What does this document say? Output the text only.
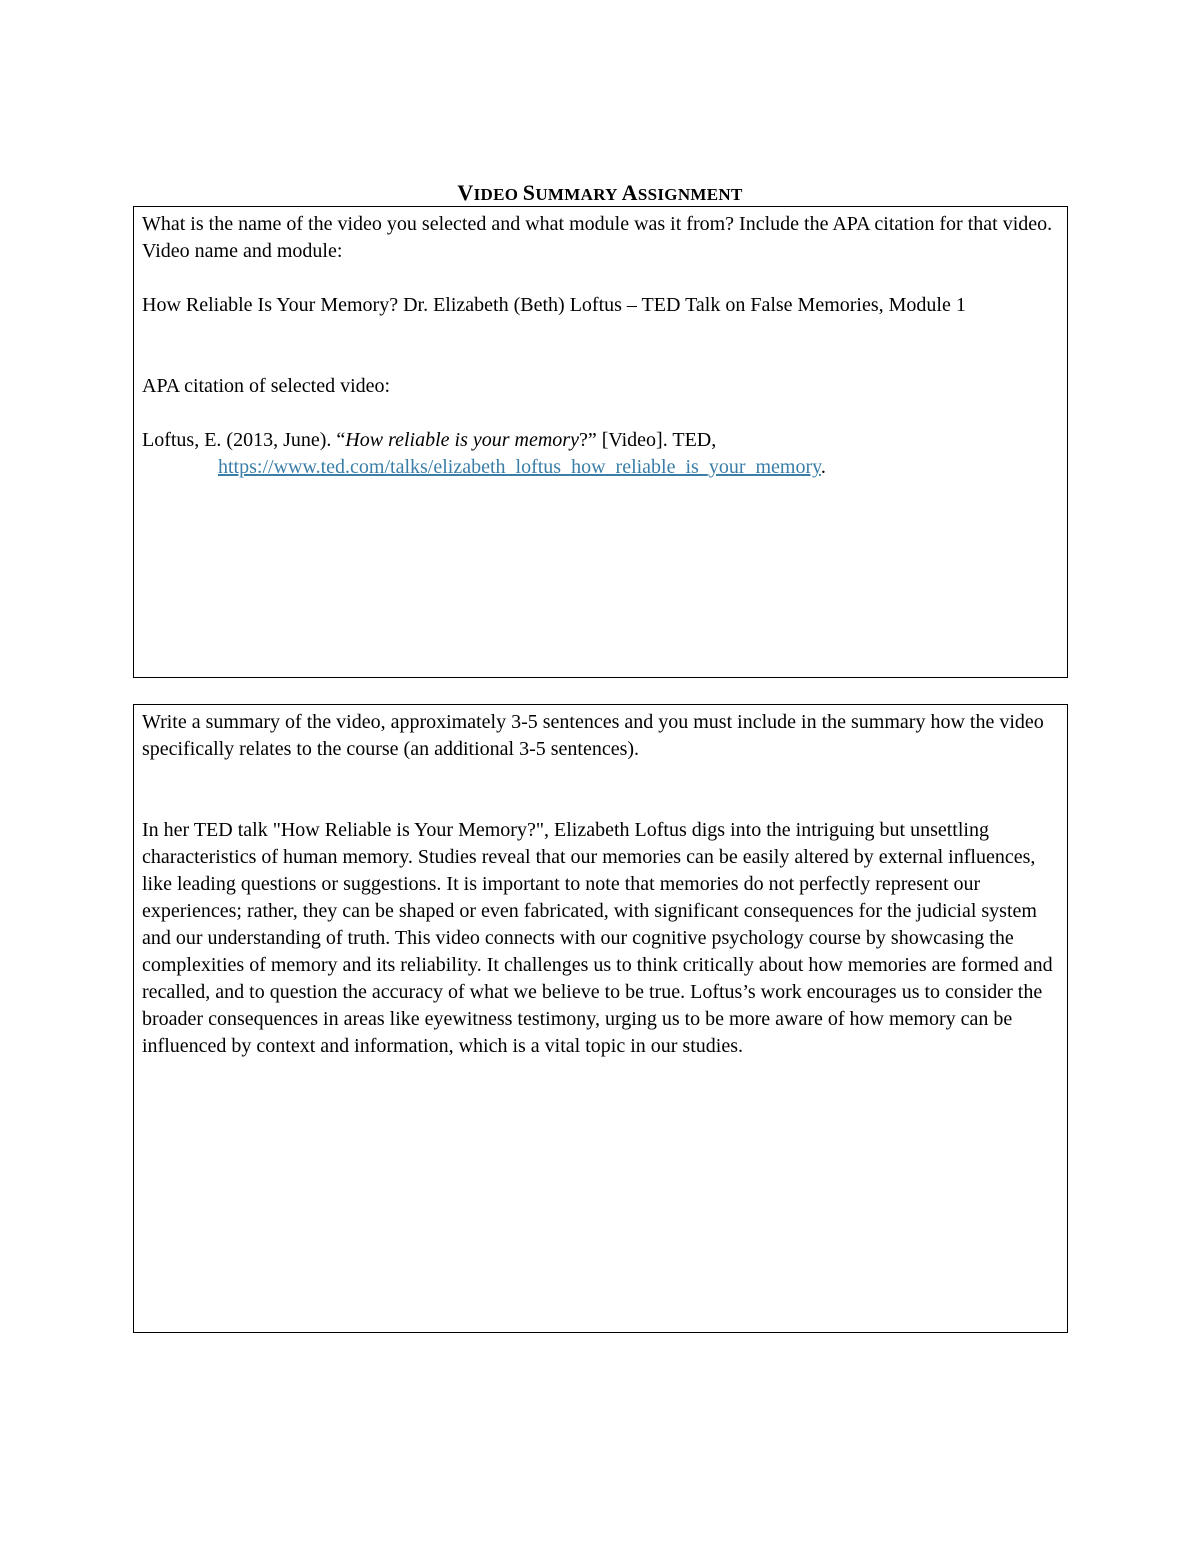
VIDEO SUMMARY ASSIGNMENT

What is the name of the video you selected and what module was it from? Include the APA citation for that video.

Video name and module:

How Reliable Is Your Memory? Dr. Elizabeth (Beth) Loftus – TED Talk on False Memories, Module 1

APA citation of selected video:

Loftus, E. (2013, June). “How reliable is your memory?” [Video]. TED,

https://www.ted.com/talks/elizabeth_loftus_how_reliable_is_your_memory.

Write a summary of the video, approximately 3-5 sentences and you must include in the summary how the video specifically relates to the course (an additional 3-5 sentences).

In her TED talk "How Reliable is Your Memory?", Elizabeth Loftus digs into the intriguing but unsettling characteristics of human memory. Studies reveal that our memories can be easily altered by external influences, like leading questions or suggestions. It is important to note that memories do not perfectly represent our experiences; rather, they can be shaped or even fabricated, with significant consequences for the judicial system and our understanding of truth. This video connects with our cognitive psychology course by showcasing the complexities of memory and its reliability. It challenges us to think critically about how memories are formed and recalled, and to question the accuracy of what we believe to be true. Loftus’s work encourages us to consider the broader consequences in areas like eyewitness testimony, urging us to be more aware of how memory can be influenced by context and information, which is a vital topic in our studies.
